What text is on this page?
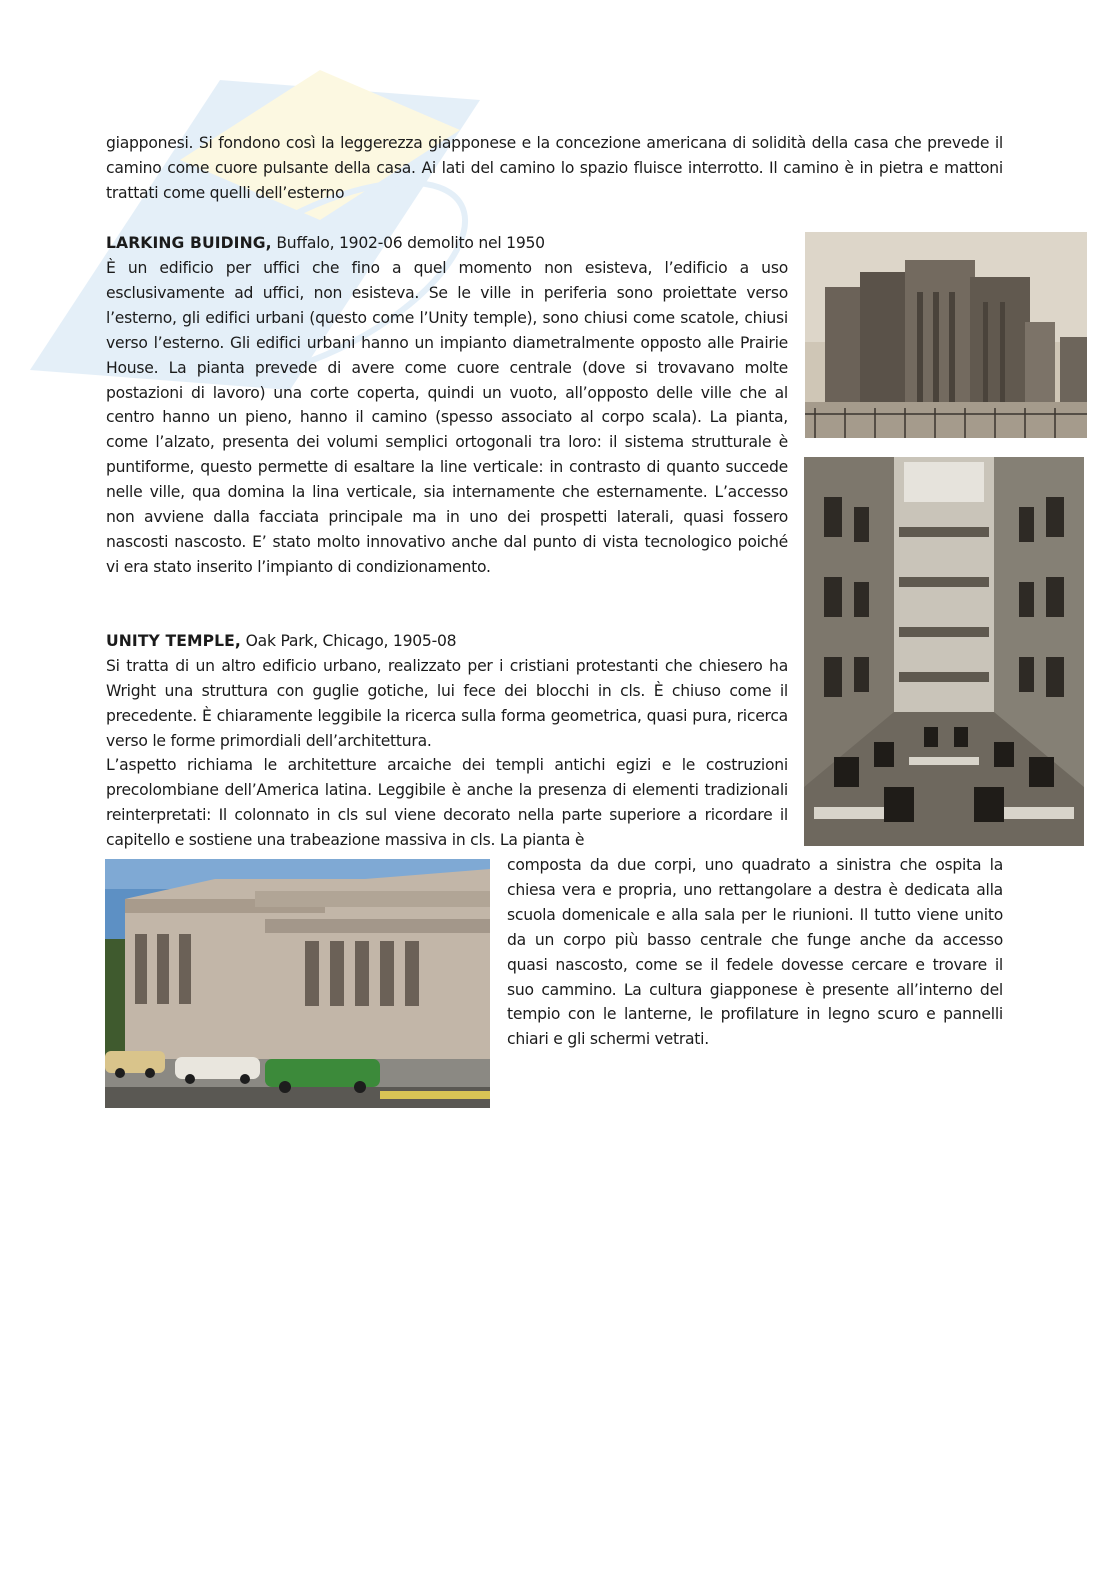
giapponesi. Si fondono così la leggerezza giapponese e la concezione americana di solidità della casa che prevede il camino come cuore pulsante della casa. Ai lati del camino lo spazio fluisce interrotto. Il camino è in pietra e mattoni trattati come quelli dell’esterno
LARKING BUIDING, Buffalo, 1902-06 demolito nel 1950
È un edificio per uffici che fino a quel momento non esisteva, l’edificio a uso esclusivamente ad uffici, non esisteva. Se le ville in periferia sono proiettate verso l’esterno, gli edifici urbani (questo come l’Unity temple), sono chiusi come scatole, chiusi verso l’esterno. Gli edifici urbani hanno un impianto diametralmente opposto alle Prairie House. La pianta prevede di avere come cuore centrale (dove si trovavano molte postazioni di lavoro) una corte coperta, quindi un vuoto, all’opposto delle ville che al centro hanno un pieno, hanno il camino (spesso associato al corpo scala). La pianta, come l’alzato, presenta dei volumi semplici ortogonali tra loro: il sistema strutturale è puntiforme, questo permette di esaltare la line verticale: in contrasto di quanto succede nelle ville, qua domina la lina verticale, sia internamente che esternamente. L’accesso non avviene dalla facciata principale ma in uno dei prospetti laterali, quasi fossero nascosti nascosto. E’ stato molto innovativo anche dal punto di vista tecnologico poiché vi era stato inserito l’impianto di condizionamento.
UNITY TEMPLE, Oak Park, Chicago, 1905-08
Si tratta di un altro edificio urbano, realizzato per i cristiani protestanti che chiesero ha Wright una struttura con guglie gotiche, lui fece dei blocchi in cls. È chiuso come il precedente. È chiaramente leggibile la ricerca sulla forma geometrica, quasi pura, ricerca verso le forme primordiali dell’architettura.
L’aspetto richiama le architetture arcaiche dei templi antichi egizi e le costruzioni precolombiane dell’America latina. Leggibile è anche la presenza di elementi tradizionali reinterpretati: Il colonnato in cls sul viene decorato nella parte superiore a ricordare il capitello e sostiene una trabeazione massiva in cls. La pianta è
composta da due corpi, uno quadrato a sinistra che ospita la chiesa vera e propria, uno rettangolare a destra è dedicata alla scuola domenicale e alla sala per le riunioni. Il tutto viene unito da un corpo più basso centrale che funge anche da accesso quasi nascosto, come se il fedele dovesse cercare e trovare il suo cammino. La cultura giapponese è presente all’interno del tempio con le lanterne, le profilature in legno scuro e pannelli chiari e gli schermi vetrati.
